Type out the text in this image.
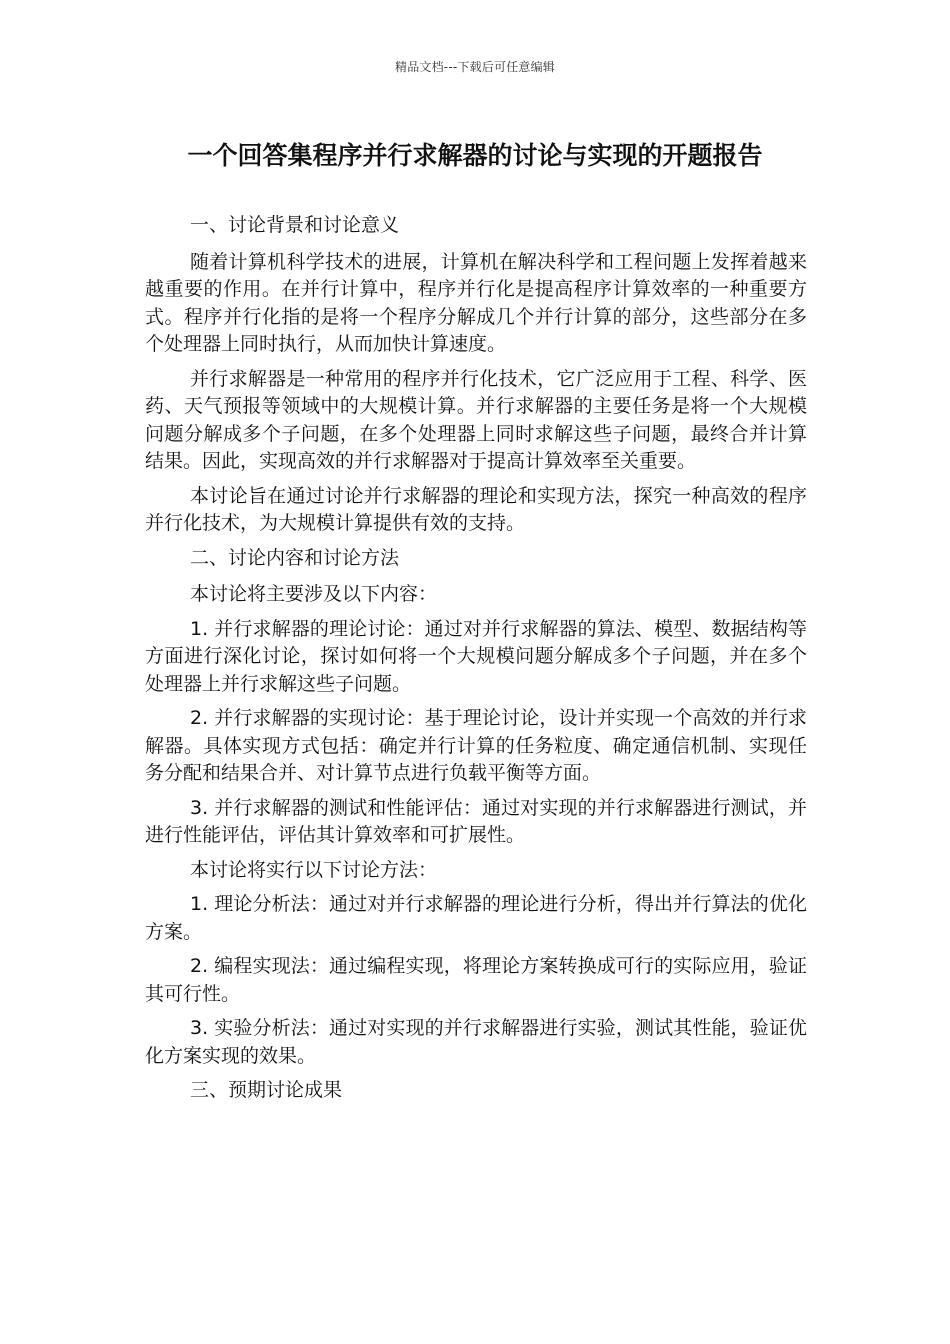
精品文档---下载后可任意编辑
一个回答集程序并行求解器的讨论与实现的开题报告

一、讨论背景和讨论意义

随着计算机科学技术的进展，计算机在解决科学和工程问题上发挥着越来越重要的作用。在并行计算中，程序并行化是提高程序计算效率的一种重要方式。程序并行化指的是将一个程序分解成几个并行计算的部分，这些部分在多个处理器上同时执行，从而加快计算速度。

并行求解器是一种常用的程序并行化技术，它广泛应用于工程、科学、医药、天气预报等领域中的大规模计算。并行求解器的主要任务是将一个大规模问题分解成多个子问题，在多个处理器上同时求解这些子问题，最终合并计算结果。因此，实现高效的并行求解器对于提高计算效率至关重要。

本讨论旨在通过讨论并行求解器的理论和实现方法，探究一种高效的程序并行化技术，为大规模计算提供有效的支持。

二、讨论内容和讨论方法

本讨论将主要涉及以下内容：

1. 并行求解器的理论讨论：通过对并行求解器的算法、模型、数据结构等方面进行深化讨论，探讨如何将一个大规模问题分解成多个子问题，并在多个处理器上并行求解这些子问题。

2. 并行求解器的实现讨论：基于理论讨论，设计并实现一个高效的并行求解器。具体实现方式包括：确定并行计算的任务粒度、确定通信机制、实现任务分配和结果合并、对计算节点进行负载平衡等方面。

3. 并行求解器的测试和性能评估：通过对实现的并行求解器进行测试，并进行性能评估，评估其计算效率和可扩展性。

本讨论将实行以下讨论方法：

1. 理论分析法：通过对并行求解器的理论进行分析，得出并行算法的优化方案。

2. 编程实现法：通过编程实现，将理论方案转换成可行的实际应用，验证其可行性。

3. 实验分析法：通过对实现的并行求解器进行实验，测试其性能，验证优化方案实现的效果。

三、预期讨论成果
